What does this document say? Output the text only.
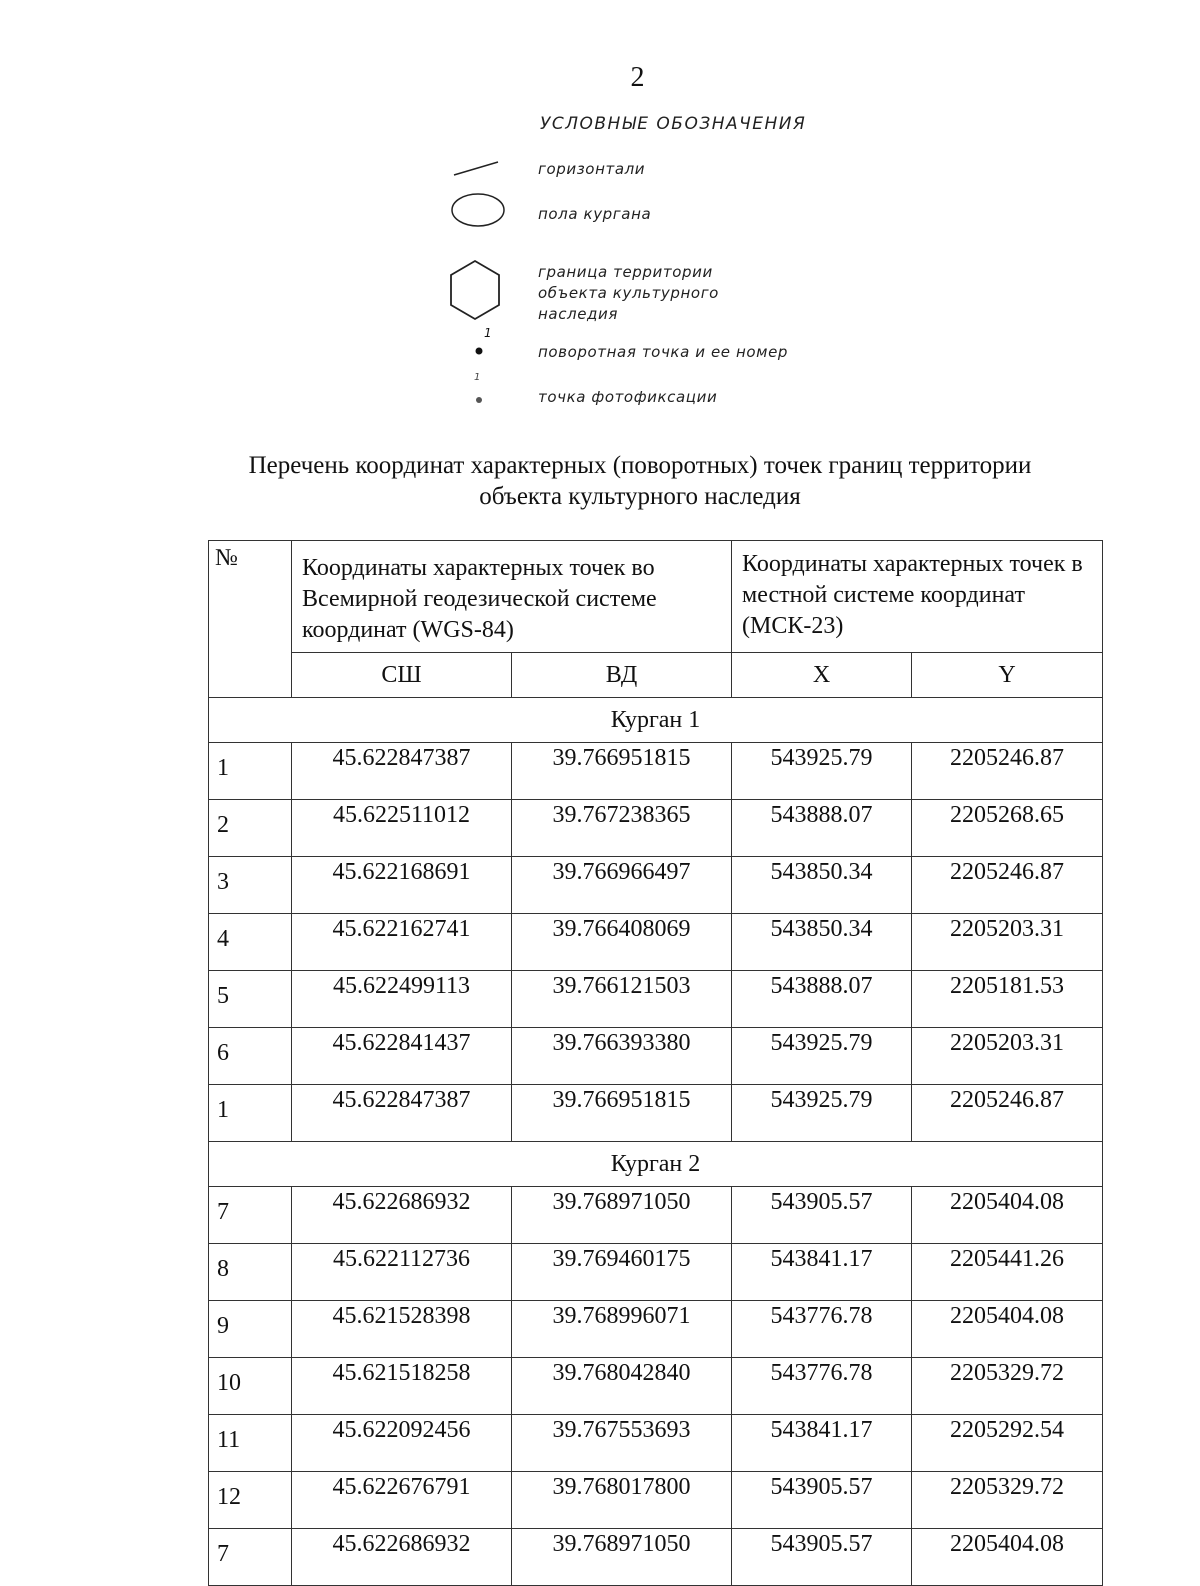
2
УСЛОВНЫЕ ОБОЗНАЧЕНИЯ
горизонтали
пола кургана
граница территории
объекта культурного
наследия
1
поворотная точка и ее номер
1
точка фотофиксации
Перечень координат характерных (поворотных) точек границ территории
объекта культурного наследия
№	Координаты характерных точек во Всемирной геодезической системе координат (WGS-84)		Координаты характерных точек в местной системе координат (МСК-23)	
	СШ	ВД	X	Y
Курган 1				
1	45.622847387	39.766951815	543925.79	2205246.87
2	45.622511012	39.767238365	543888.07	2205268.65
3	45.622168691	39.766966497	543850.34	2205246.87
4	45.622162741	39.766408069	543850.34	2205203.31
5	45.622499113	39.766121503	543888.07	2205181.53
6	45.622841437	39.766393380	543925.79	2205203.31
1	45.622847387	39.766951815	543925.79	2205246.87
Курган 2				
7	45.622686932	39.768971050	543905.57	2205404.08
8	45.622112736	39.769460175	543841.17	2205441.26
9	45.621528398	39.768996071	543776.78	2205404.08
10	45.621518258	39.768042840	543776.78	2205329.72
11	45.622092456	39.767553693	543841.17	2205292.54
12	45.622676791	39.768017800	543905.57	2205329.72
7	45.622686932	39.768971050	543905.57	2205404.08
